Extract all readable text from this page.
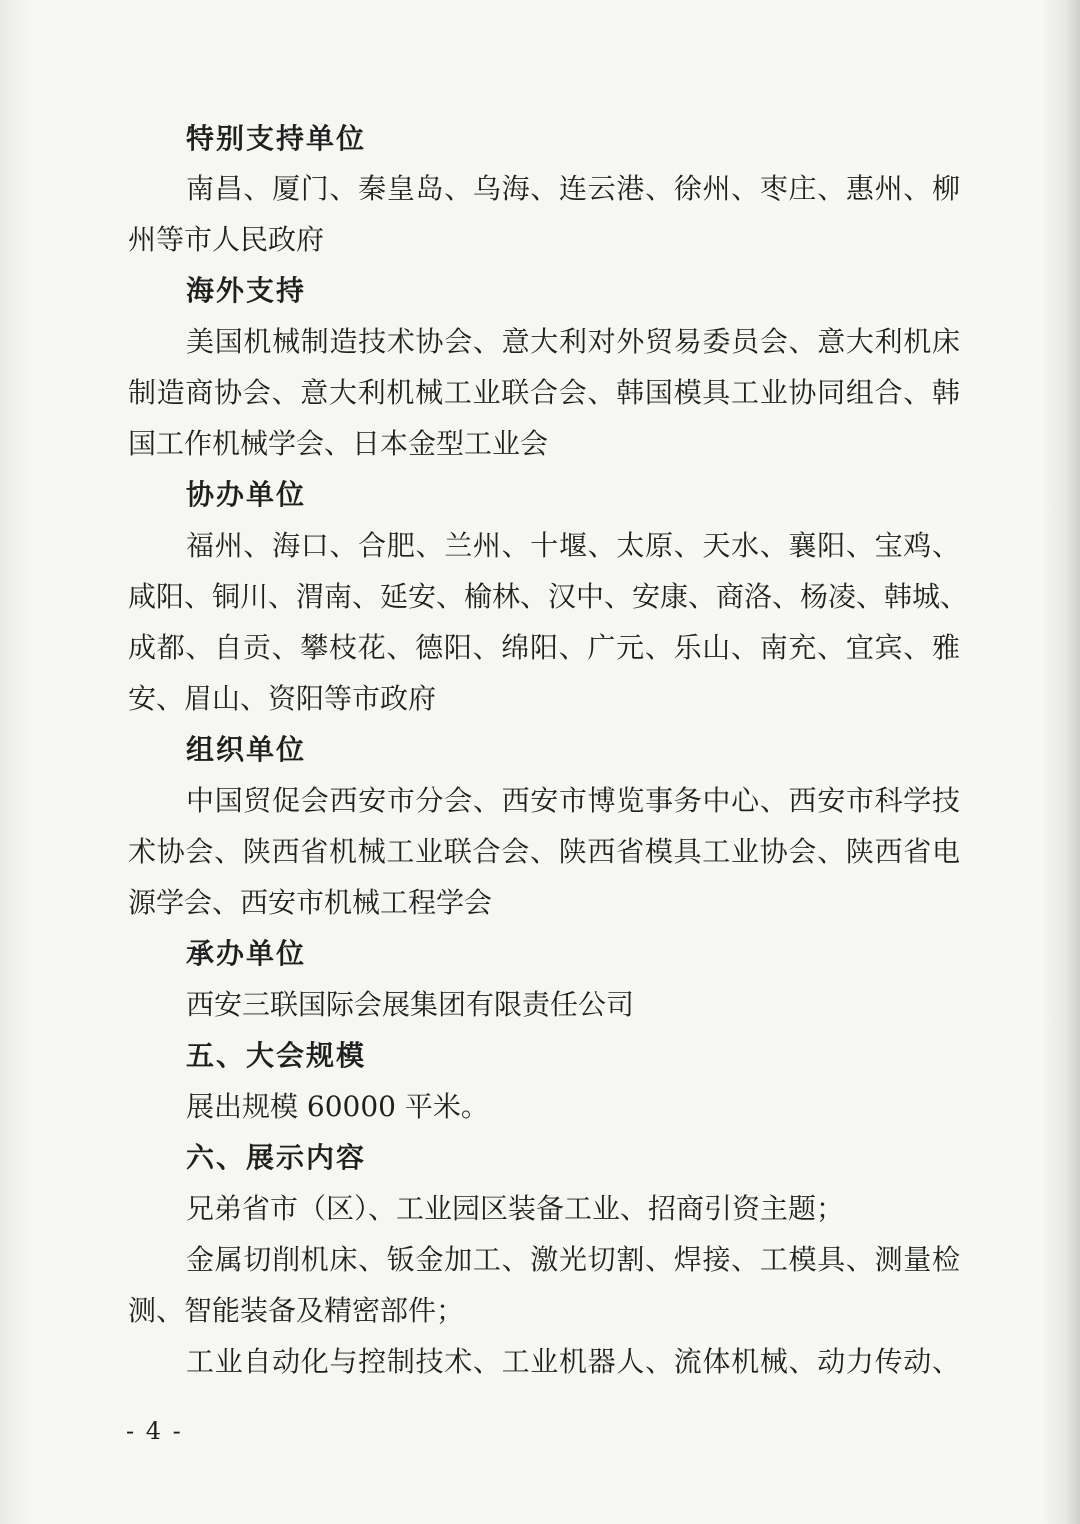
特别支持单位
南昌、厦门、秦皇岛、乌海、连云港、徐州、枣庄、惠州、柳
州等市人民政府
海外支持
美国机械制造技术协会、意大利对外贸易委员会、意大利机床
制造商协会、意大利机械工业联合会、韩国模具工业协同组合、韩
国工作机械学会、日本金型工业会
协办单位
福州、海口、合肥、兰州、十堰、太原、天水、襄阳、宝鸡、
咸阳、铜川、渭南、延安、榆林、汉中、安康、商洛、杨凌、韩城、
成都、自贡、攀枝花、德阳、绵阳、广元、乐山、南充、宜宾、雅
安、眉山、资阳等市政府
组织单位
中国贸促会西安市分会、西安市博览事务中心、西安市科学技
术协会、陕西省机械工业联合会、陕西省模具工业协会、陕西省电
源学会、西安市机械工程学会
承办单位
西安三联国际会展集团有限责任公司
五、大会规模
展出规模 60000 平米。
六、展示内容
兄弟省市（区）、工业园区装备工业、招商引资主题；
金属切削机床、钣金加工、激光切割、焊接、工模具、测量检
测、智能装备及精密部件；
工业自动化与控制技术、工业机器人、流体机械、动力传动、
- 4 -
